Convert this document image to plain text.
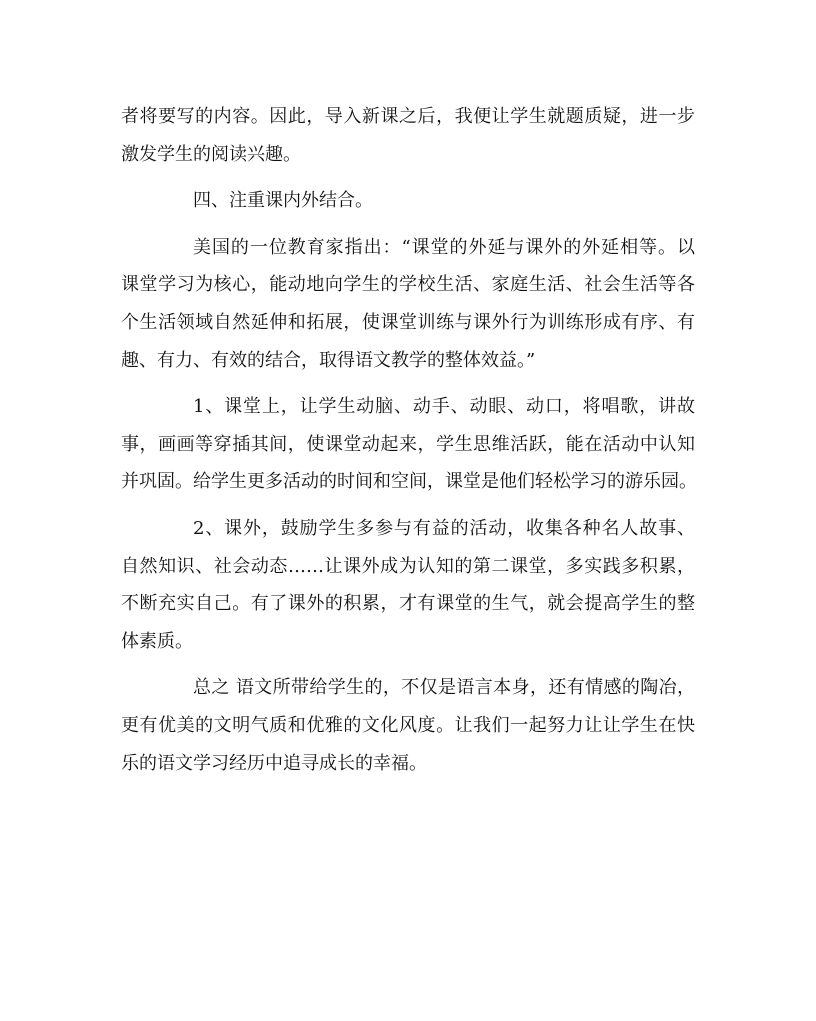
者将要写的内容。因此，导入新课之后，我便让学生就题质疑，进一步
激发学生的阅读兴趣。
四、注重课内外结合。
美国的一位教育家指出：“课堂的外延与课外的外延相等。以
课堂学习为核心，能动地向学生的学校生活、家庭生活、社会生活等各
个生活领域自然延伸和拓展，使课堂训练与课外行为训练形成有序、有
趣、有力、有效的结合，取得语文教学的整体效益。”
1、课堂上，让学生动脑、动手、动眼、动口，将唱歌，讲故
事，画画等穿插其间，使课堂动起来，学生思维活跃，能在活动中认知
并巩固。给学生更多活动的时间和空间，课堂是他们轻松学习的游乐园。
2、课外，鼓励学生多参与有益的活动，收集各种名人故事、
自然知识、社会动态……让课外成为认知的第二课堂，多实践多积累，
不断充实自己。有了课外的积累，才有课堂的生气，就会提高学生的整
体素质。
总之 语文所带给学生的，不仅是语言本身，还有情感的陶冶，
更有优美的文明气质和优雅的文化风度。让我们一起努力让让学生在快
乐的语文学习经历中追寻成长的幸福。
